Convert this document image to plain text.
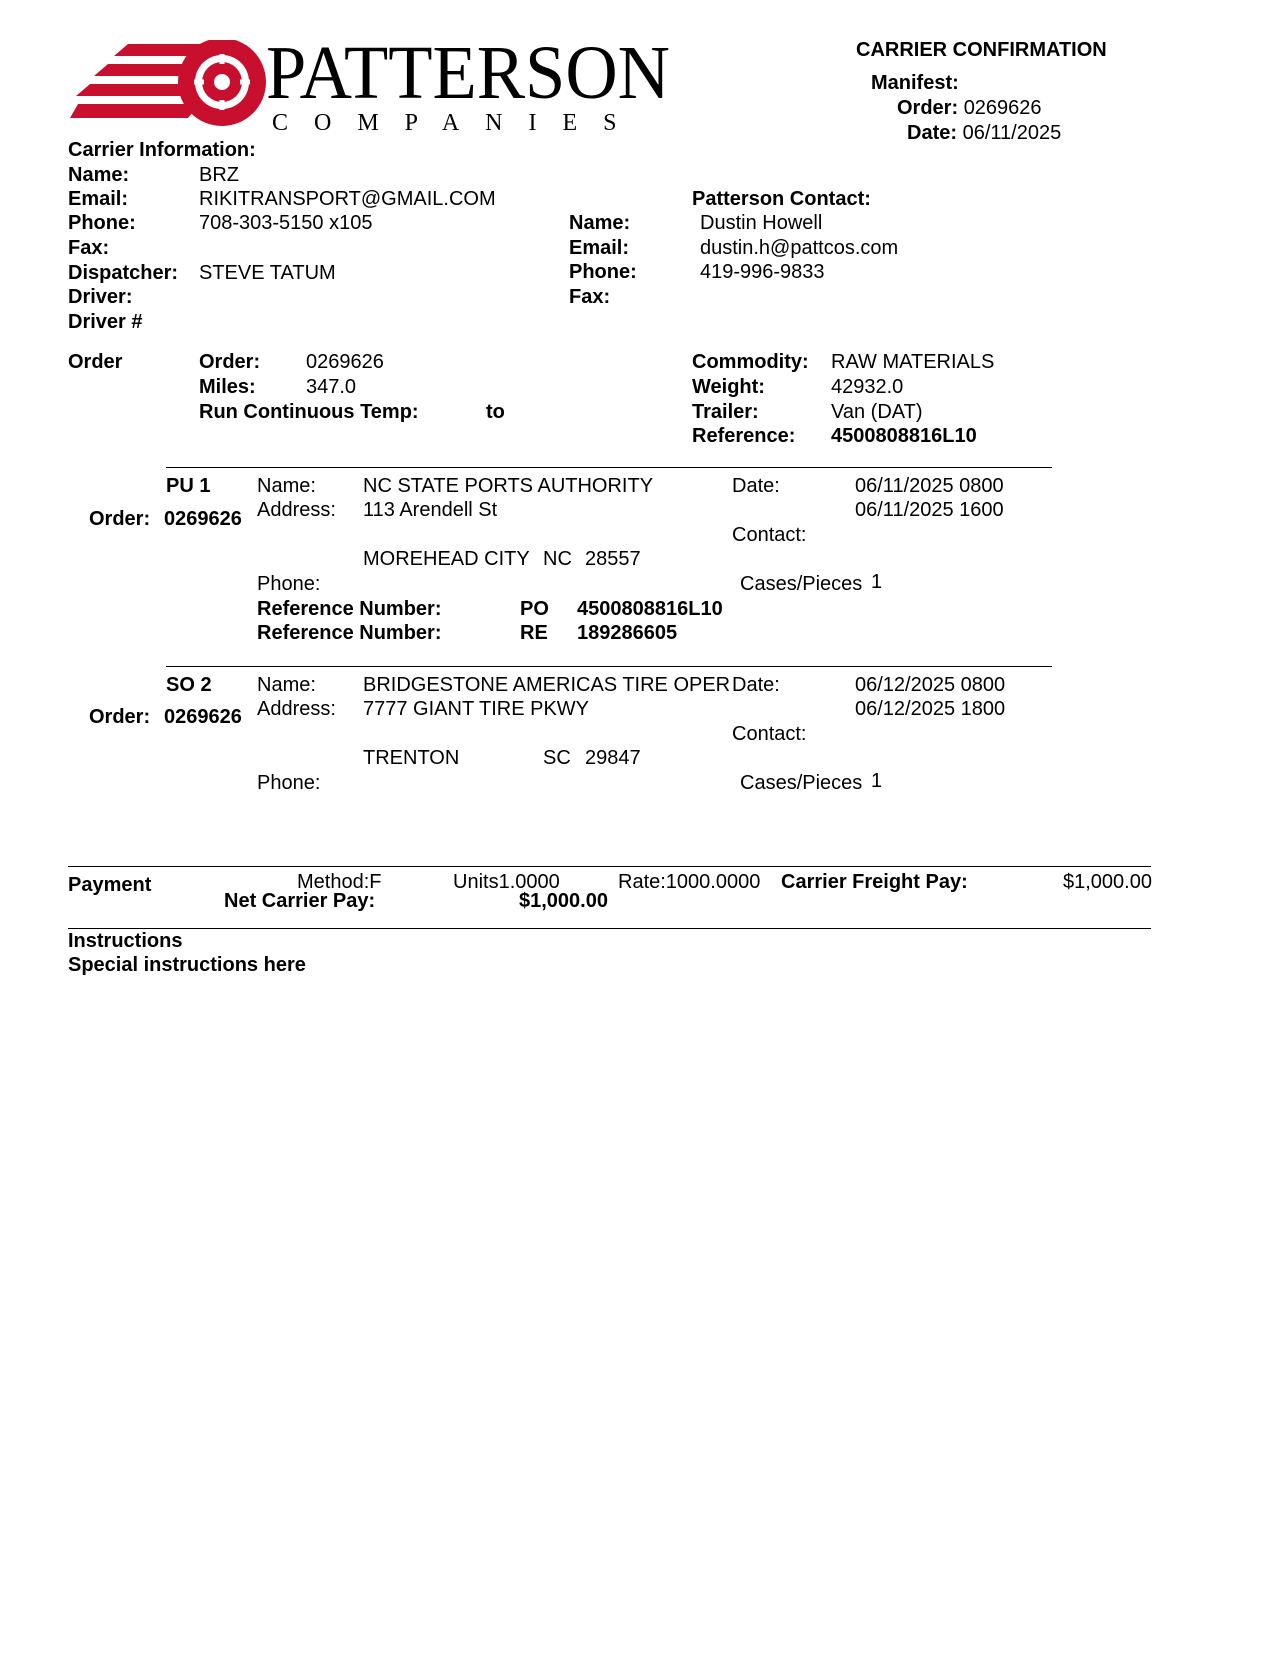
PATTERSON
COMPANIES
CARRIER CONFIRMATION
Manifest:
Order: 0269626
Date: 06/11/2025
Carrier Information:
Name:	BRZ
Email:	RIKITRANSPORT@GMAIL.COM
Phone:	708-303-5150 x105
Fax:
Dispatcher: STEVE TATUM
Driver:
Driver #
Patterson Contact:
Name:	Dustin Howell
Email:	dustin.h@pattcos.com
Phone:	419-996-9833
Fax:
Order	Order: 0269626
Miles:	347.0
Run Continuous Temp:	to
Commodity: RAW MATERIALS
Weight:	42932.0
Trailer:	Van (DAT)
Reference: 4500808816L10
PU 1
Order: 0269626
Name: NC STATE PORTS AUTHORITY
Address: 113 Arendell St
MOREHEAD CITY NC 28557
Phone:
Date:	06/11/2025 0800
06/11/2025 1600
Contact:
Cases/Pieces 1
Reference Number:	PO 4500808816L10
Reference Number:	RE 189286605
SO 2
Order: 0269626
Name: BRIDGESTONE AMERICAS TIRE OPER
Address: 7777 GIANT TIRE PKWY
TRENTON	SC 29847
Phone:
Date:	06/12/2025 0800
06/12/2025 1800
Contact:
Cases/Pieces 1
Payment	Method:F	Units1.0000	Rate:1000.0000 Carrier Freight Pay:	$1,000.00
Net Carrier Pay:	$1,000.00
Instructions
Special instructions here
